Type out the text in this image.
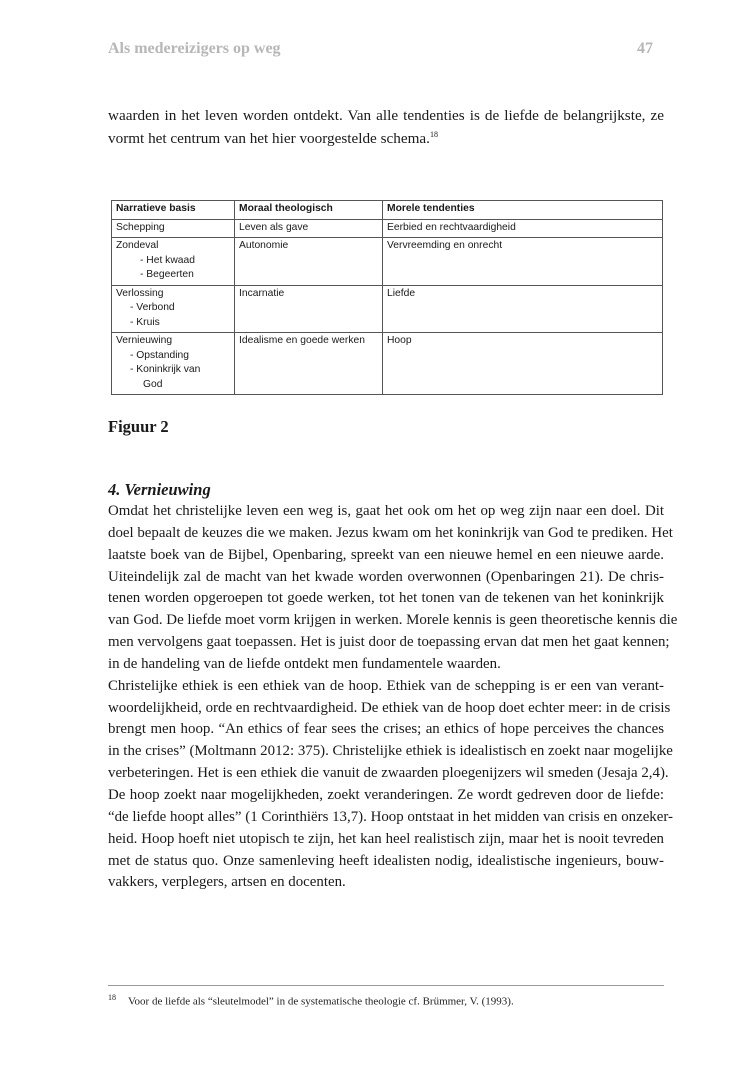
Als medereizigers op weg	47
waarden in het leven worden ontdekt. Van alle tendenties is de liefde de belangrijkste, ze vormt het centrum van het hier voorgestelde schema.$^{18}$
Narratieve basis	Moraal theologisch	Morele tendenties
Schepping	Leven als gave	Eerbied en rechtvaardigheid

Zondeval
- Het kwaad
- Begeerten	Autonomie	Vervreemding en onrecht

Verlossing
- Verbond
- Kruis	Incarnatie	Liefde

Vernieuwing
- Opstanding
- Koninkrijk van
God	Idealisme en goede werken	Hoop
Figuur 2
4. Vernieuwing
Omdat het christelijke leven een weg is, gaat het ook om het op weg zijn naar een doel. Dit
doel bepaalt de keuzes die we maken. Jezus kwam om het koninkrijk van God te prediken. Het
laatste boek van de Bijbel, Openbaring, spreekt van een nieuwe hemel en een nieuwe aarde.
Uiteindelijk zal de macht van het kwade worden overwonnen (Openbaringen 21). De chris-
tenen worden opgeroepen tot goede werken, tot het tonen van de tekenen van het koninkrijk
van God. De liefde moet vorm krijgen in werken. Morele kennis is geen theoretische kennis die
men vervolgens gaat toepassen. Het is juist door de toepassing ervan dat men het gaat kennen;
in de handeling van de liefde ontdekt men fundamentele waarden.
Christelijke ethiek is een ethiek van de hoop. Ethiek van de schepping is er een van verant-
woordelijkheid, orde en rechtvaardigheid. De ethiek van de hoop doet echter meer: in de crisis
brengt men hoop. “An ethics of fear sees the crises; an ethics of hope perceives the chances
in the crises” (Moltmann 2012: 375). Christelijke ethiek is idealistisch en zoekt naar mogelijke
verbeteringen. Het is een ethiek die vanuit de zwaarden ploegenijzers wil smeden (Jesaja 2,4).
De hoop zoekt naar mogelijkheden, zoekt veranderingen. Ze wordt gedreven door de liefde:
“de liefde hoopt alles” (1 Corinthiërs 13,7). Hoop ontstaat in het midden van crisis en onzeker-
heid. Hoop hoeft niet utopisch te zijn, het kan heel realistisch zijn, maar het is nooit tevreden
met de status quo. Onze samenleving heeft idealisten nodig, idealistische ingenieurs, bouw-
vakkers, verplegers, artsen en docenten.
$^{18}$ Voor de liefde als “sleutelmodel” in de systematische theologie cf. Brümmer, V. (1993).
